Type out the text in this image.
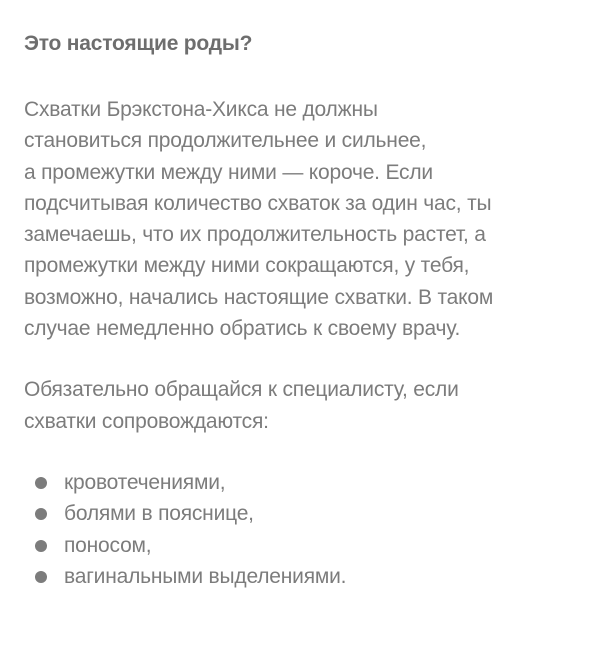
Это настоящие роды?
Схватки Брэкстона-Хикса не должны
становиться продолжительнее и сильнее,
а промежутки между ними — короче. Если
подсчитывая количество схваток за один час, ты
замечаешь, что их продолжительность растет, а
промежутки между ними сокращаются, у тебя,
возможно, начались настоящие схватки. В таком
случае немедленно обратись к своему врачу.
Обязательно обращайся к специалисту, если
схватки сопровождаются:
кровотечениями,
болями в пояснице,
поносом,
вагинальными выделениями.
